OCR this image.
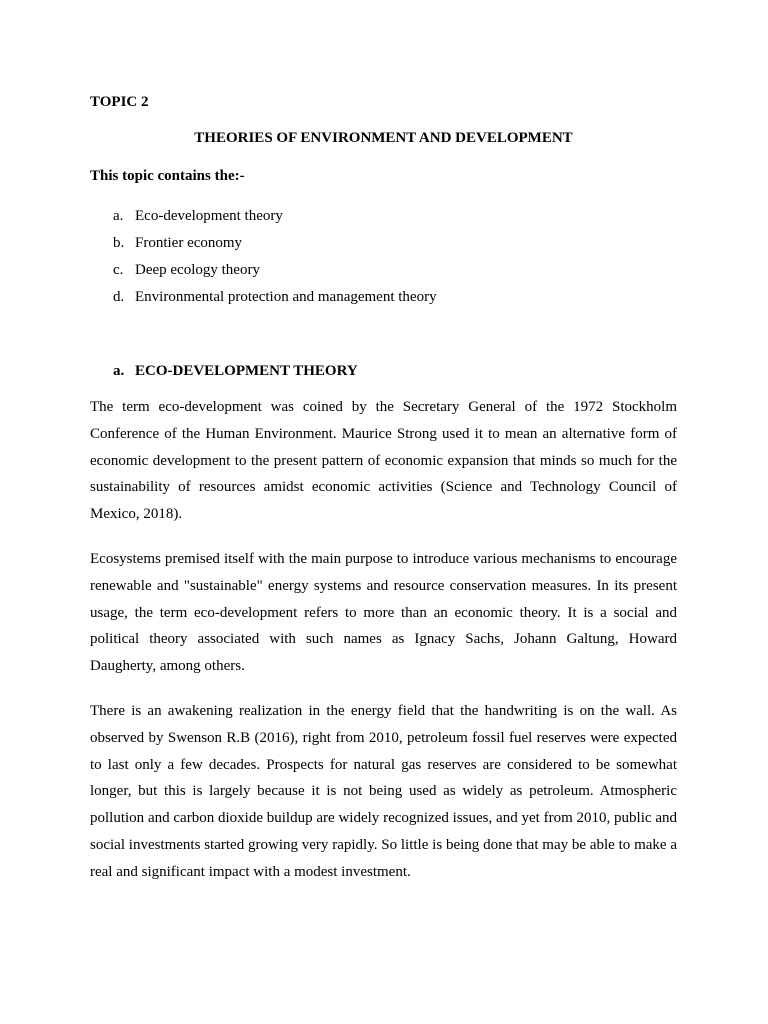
TOPIC 2

THEORIES OF ENVIRONMENT AND DEVELOPMENT

This topic contains the:-

a. Eco-development theory
b. Frontier economy
c. Deep ecology theory
d. Environmental protection and management theory
a. ECO-DEVELOPMENT THEORY

The term eco-development was coined by the Secretary General of the 1972 Stockholm Conference of the Human Environment. Maurice Strong used it to mean an alternative form of economic development to the present pattern of economic expansion that minds so much for the sustainability of resources amidst economic activities (Science and Technology Council of Mexico, 2018).

Ecosystems premised itself with the main purpose to introduce various mechanisms to encourage renewable and "sustainable" energy systems and resource conservation measures. In its present usage, the term eco-development refers to more than an economic theory. It is a social and political theory associated with such names as Ignacy Sachs, Johann Galtung, Howard Daugherty, among others.

There is an awakening realization in the energy field that the handwriting is on the wall. As observed by Swenson R.B (2016), right from 2010, petroleum fossil fuel reserves were expected to last only a few decades. Prospects for natural gas reserves are considered to be somewhat longer, but this is largely because it is not being used as widely as petroleum. Atmospheric pollution and carbon dioxide buildup are widely recognized issues, and yet from 2010, public and social investments started growing very rapidly. So little is being done that may be able to make a real and significant impact with a modest investment.
